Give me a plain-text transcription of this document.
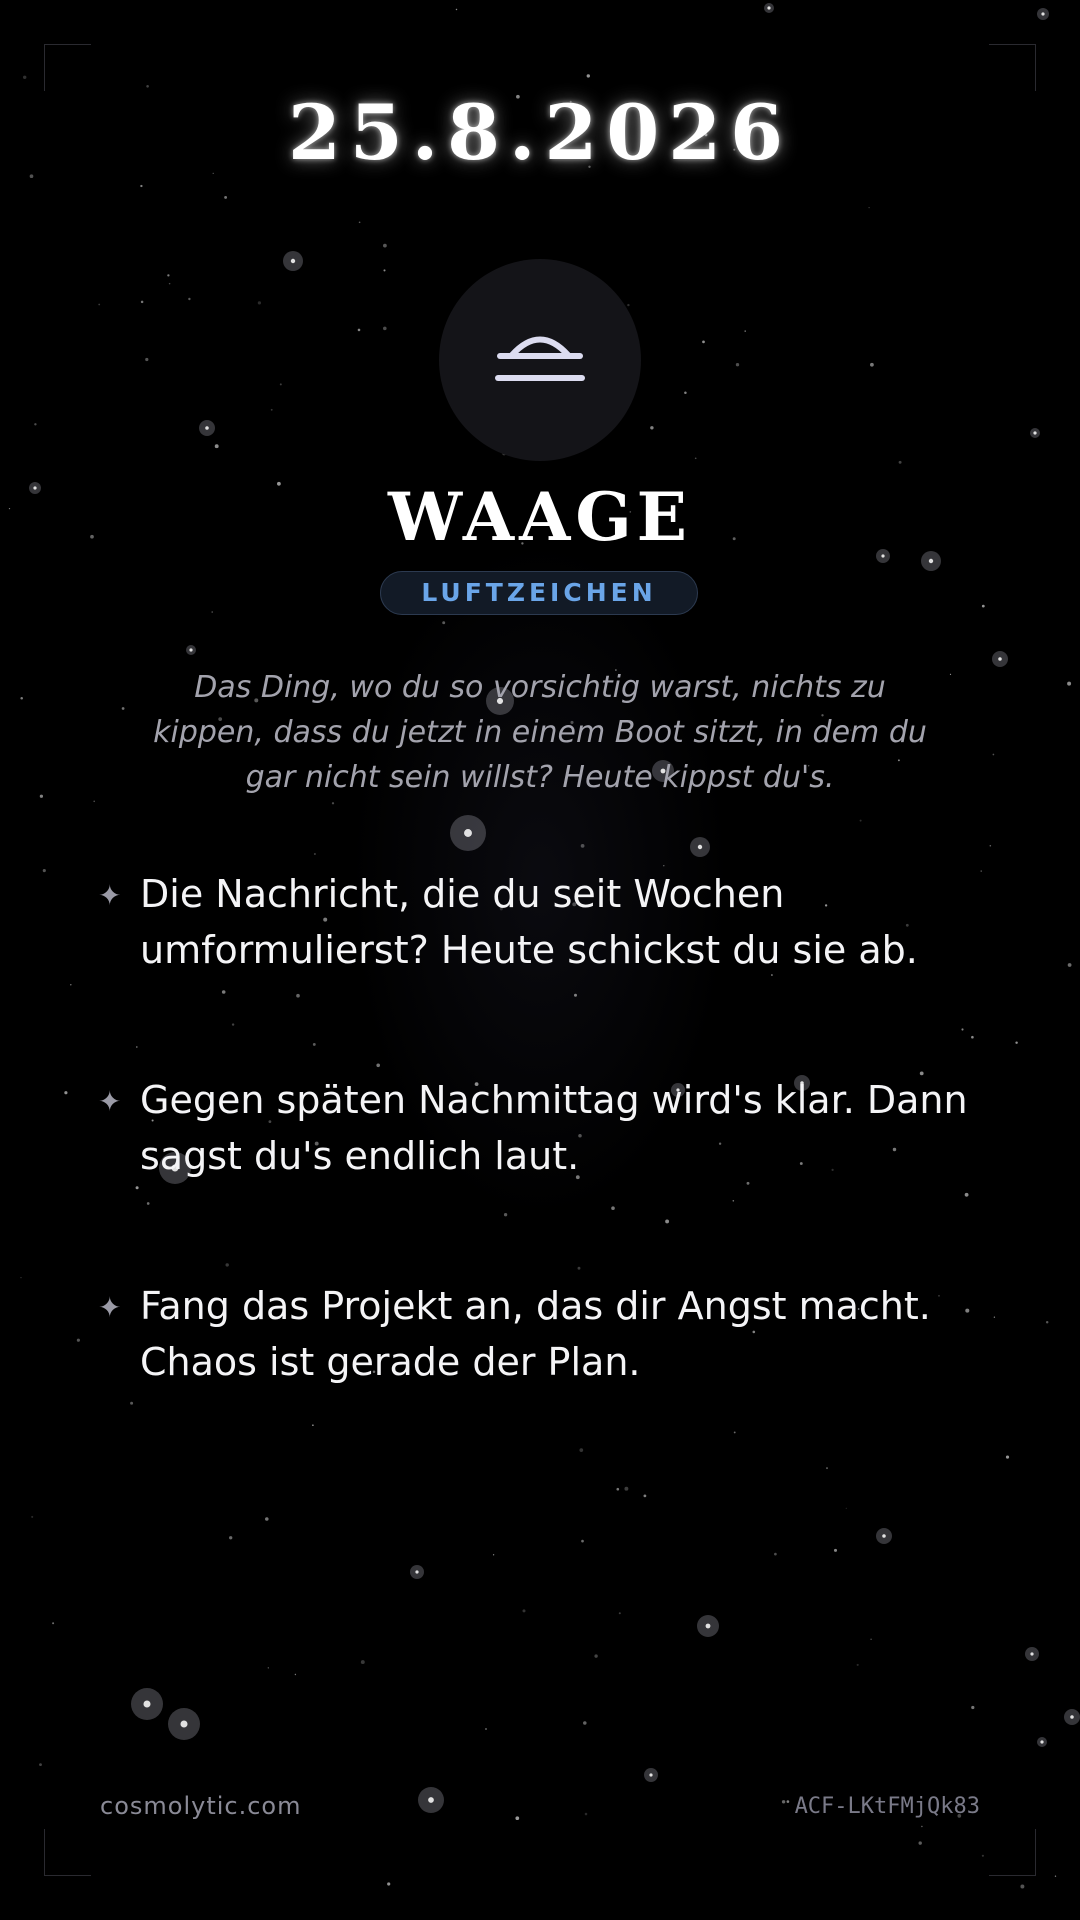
25.8.2026
WAAGE
LUFTZEICHEN
Das Ding, wo du so vorsichtig warst, nichts zu kippen, dass du jetzt in einem Boot sitzt, in dem du gar nicht sein willst? Heute kippst du's.
✦ Die Nachricht, die du seit Wochen umformulierst? Heute schickst du sie ab.
✦ Gegen späten Nachmittag wird's klar. Dann sagst du's endlich laut.
✦ Fang das Projekt an, das dir Angst macht. Chaos ist gerade der Plan.
cosmolytic.com	ACF-LKtFMjQk83
